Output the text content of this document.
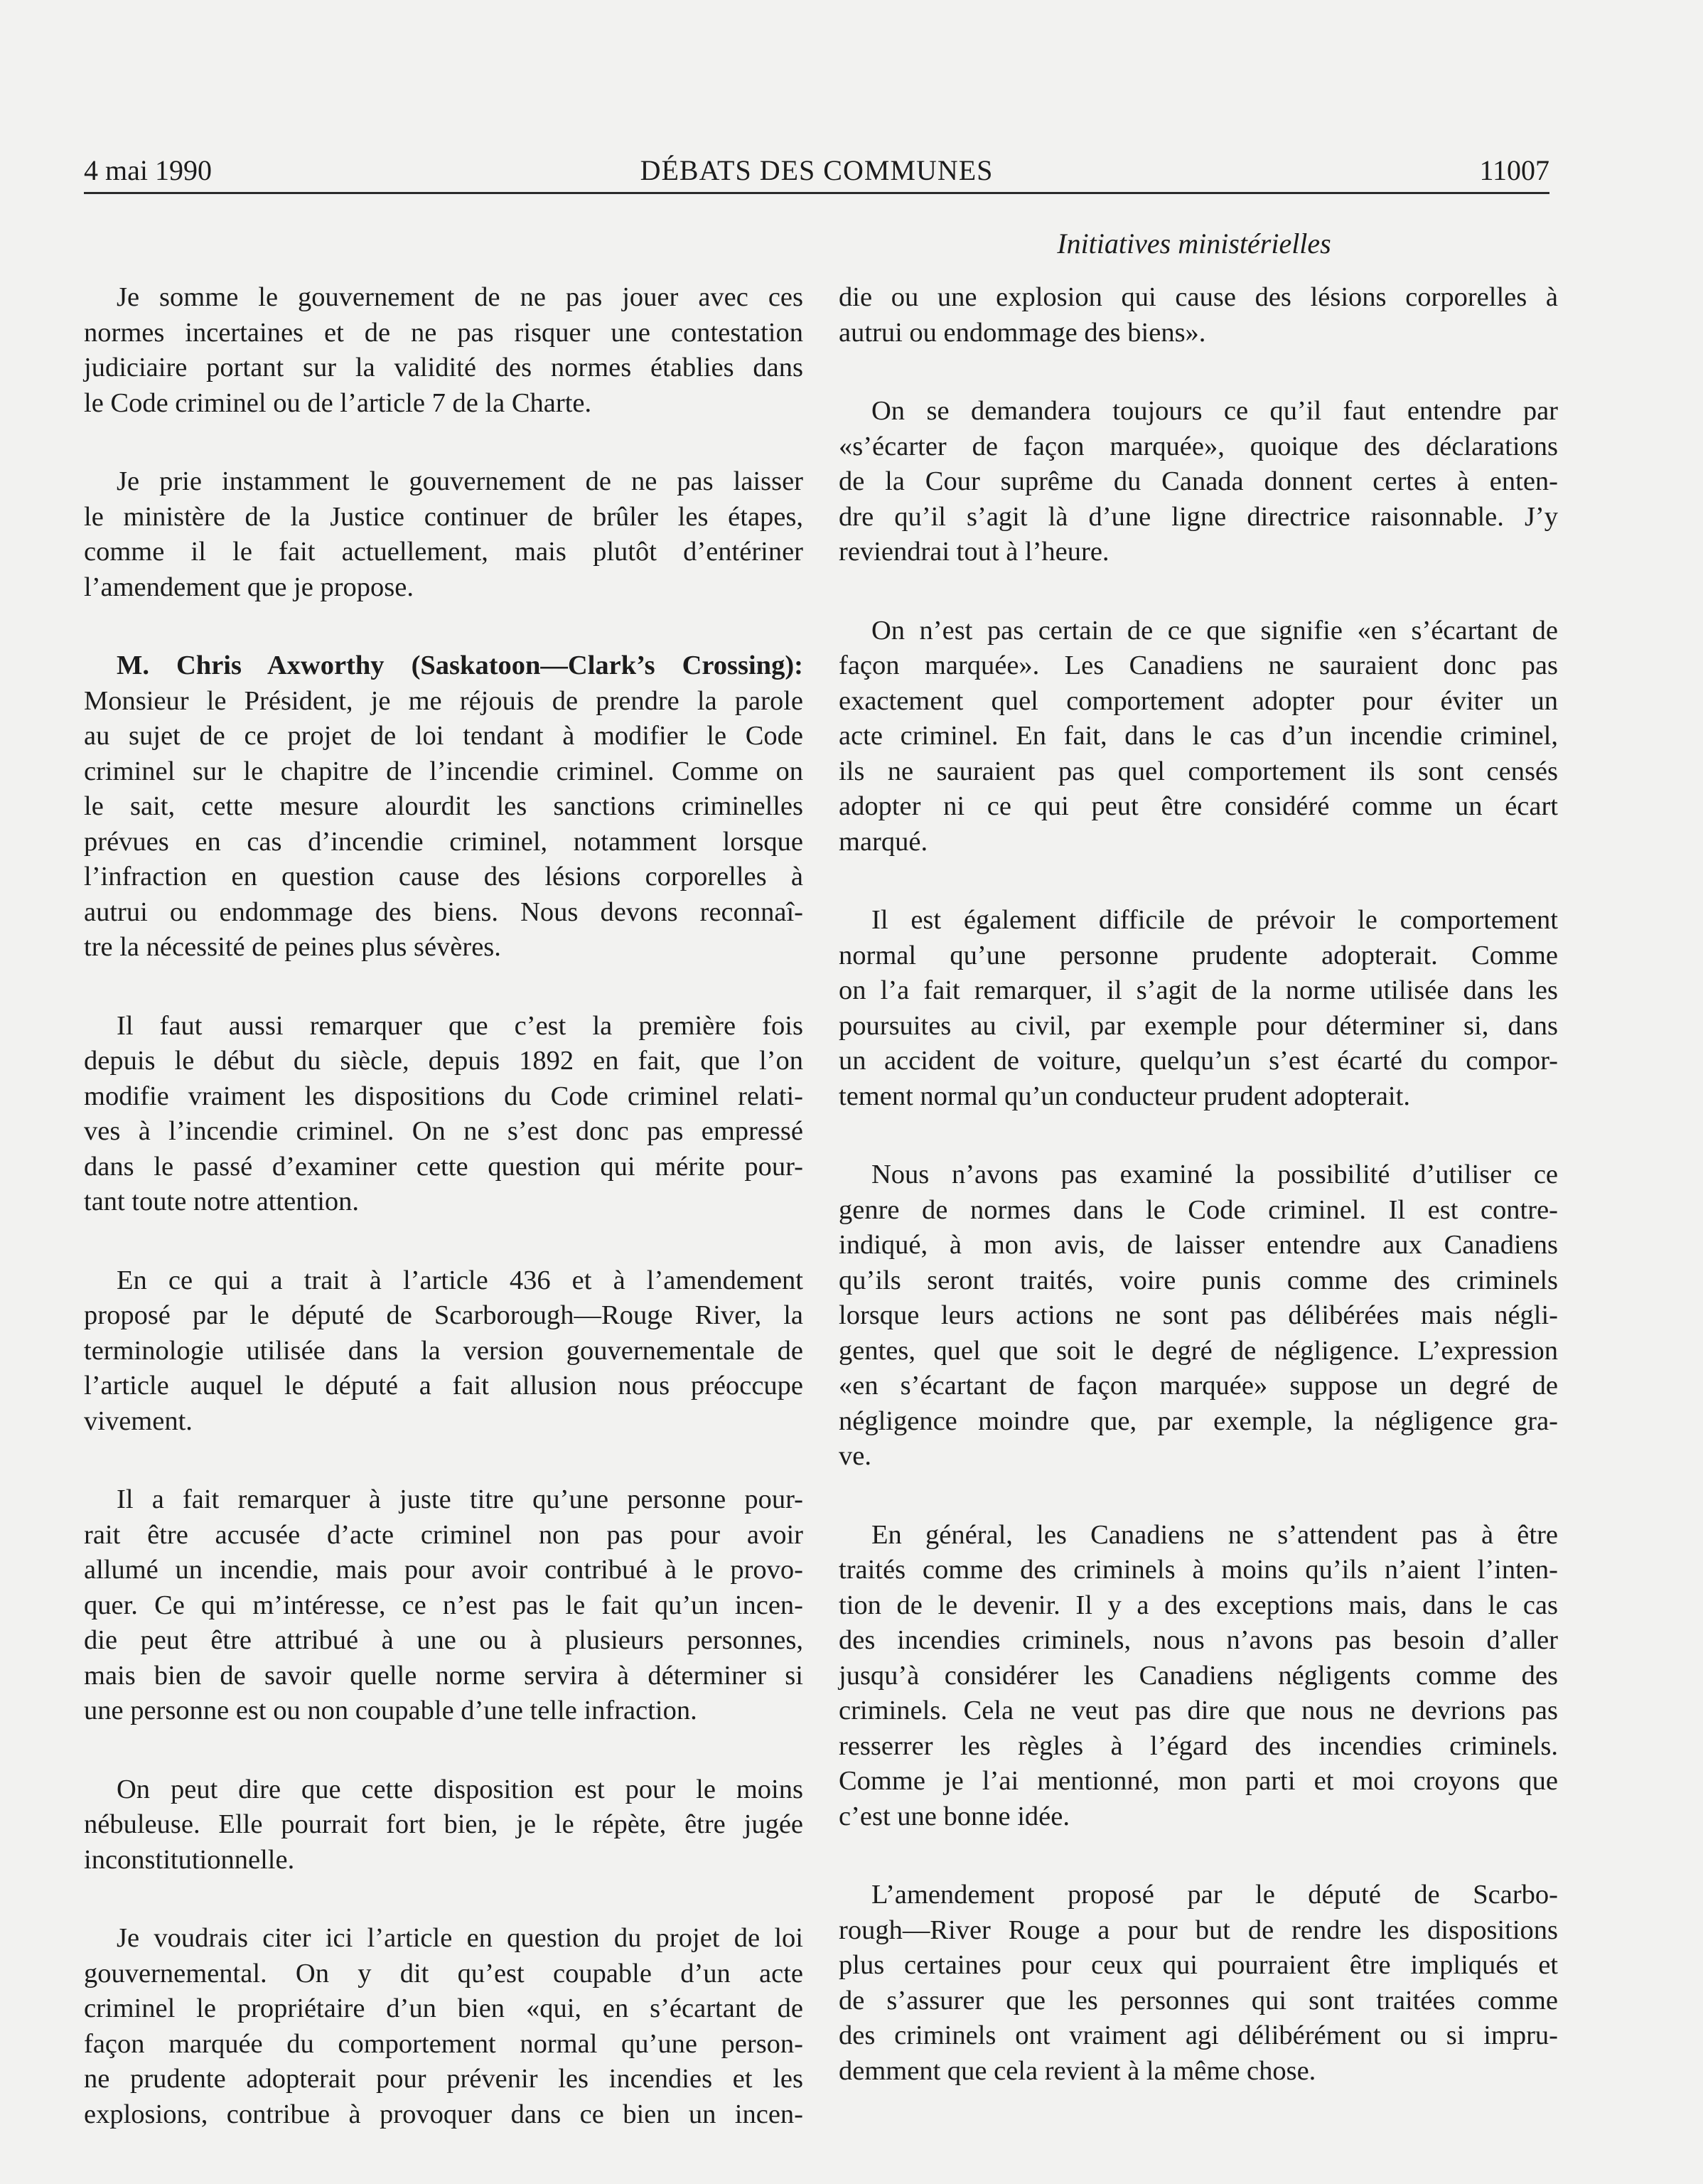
4 mai 1990	DÉBATS DES COMMUNES	11007
Initiatives ministérielles
Je somme le gouvernement de ne pas jouer avec ces
normes incertaines et de ne pas risquer une contestation
judiciaire portant sur la validité des normes établies dans
le Code criminel ou de l’article 7 de la Charte.
Je prie instamment le gouvernement de ne pas laisser
le ministère de la Justice continuer de brûler les étapes,
comme il le fait actuellement, mais plutôt d’entériner
l’amendement que je propose.
M. Chris Axworthy (Saskatoon—Clark’s Crossing):
Monsieur le Président, je me réjouis de prendre la parole
au sujet de ce projet de loi tendant à modifier le Code
criminel sur le chapitre de l’incendie criminel. Comme on
le sait, cette mesure alourdit les sanctions criminelles
prévues en cas d’incendie criminel, notamment lorsque
l’infraction en question cause des lésions corporelles à
autrui ou endommage des biens. Nous devons reconnaî-
tre la nécessité de peines plus sévères.
Il faut aussi remarquer que c’est la première fois
depuis le début du siècle, depuis 1892 en fait, que l’on
modifie vraiment les dispositions du Code criminel relati-
ves à l’incendie criminel. On ne s’est donc pas empressé
dans le passé d’examiner cette question qui mérite pour-
tant toute notre attention.
En ce qui a trait à l’article 436 et à l’amendement
proposé par le député de Scarborough—Rouge River, la
terminologie utilisée dans la version gouvernementale de
l’article auquel le député a fait allusion nous préoccupe
vivement.
Il a fait remarquer à juste titre qu’une personne pour-
rait être accusée d’acte criminel non pas pour avoir
allumé un incendie, mais pour avoir contribué à le provo-
quer. Ce qui m’intéresse, ce n’est pas le fait qu’un incen-
die peut être attribué à une ou à plusieurs personnes,
mais bien de savoir quelle norme servira à déterminer si
une personne est ou non coupable d’une telle infraction.
On peut dire que cette disposition est pour le moins
nébuleuse. Elle pourrait fort bien, je le répète, être jugée
inconstitutionnelle.
Je voudrais citer ici l’article en question du projet de loi
gouvernemental. On y dit qu’est coupable d’un acte
criminel le propriétaire d’un bien «qui, en s’écartant de
façon marquée du comportement normal qu’une person-
ne prudente adopterait pour prévenir les incendies et les
explosions, contribue à provoquer dans ce bien un incen-
die ou une explosion qui cause des lésions corporelles à
autrui ou endommage des biens».
On se demandera toujours ce qu’il faut entendre par
«s’écarter de façon marquée», quoique des déclarations
de la Cour suprême du Canada donnent certes à enten-
dre qu’il s’agit là d’une ligne directrice raisonnable. J’y
reviendrai tout à l’heure.
On n’est pas certain de ce que signifie «en s’écartant de
façon marquée». Les Canadiens ne sauraient donc pas
exactement quel comportement adopter pour éviter un
acte criminel. En fait, dans le cas d’un incendie criminel,
ils ne sauraient pas quel comportement ils sont censés
adopter ni ce qui peut être considéré comme un écart
marqué.
Il est également difficile de prévoir le comportement
normal qu’une personne prudente adopterait. Comme
on l’a fait remarquer, il s’agit de la norme utilisée dans les
poursuites au civil, par exemple pour déterminer si, dans
un accident de voiture, quelqu’un s’est écarté du compor-
tement normal qu’un conducteur prudent adopterait.
Nous n’avons pas examiné la possibilité d’utiliser ce
genre de normes dans le Code criminel. Il est contre-
indiqué, à mon avis, de laisser entendre aux Canadiens
qu’ils seront traités, voire punis comme des criminels
lorsque leurs actions ne sont pas délibérées mais négli-
gentes, quel que soit le degré de négligence. L’expression
«en s’écartant de façon marquée» suppose un degré de
négligence moindre que, par exemple, la négligence gra-
ve.
En général, les Canadiens ne s’attendent pas à être
traités comme des criminels à moins qu’ils n’aient l’inten-
tion de le devenir. Il y a des exceptions mais, dans le cas
des incendies criminels, nous n’avons pas besoin d’aller
jusqu’à considérer les Canadiens négligents comme des
criminels. Cela ne veut pas dire que nous ne devrions pas
resserrer les règles à l’égard des incendies criminels.
Comme je l’ai mentionné, mon parti et moi croyons que
c’est une bonne idée.
L’amendement proposé par le député de Scarbo-
rough—River Rouge a pour but de rendre les dispositions
plus certaines pour ceux qui pourraient être impliqués et
de s’assurer que les personnes qui sont traitées comme
des criminels ont vraiment agi délibérément ou si impru-
demment que cela revient à la même chose.
